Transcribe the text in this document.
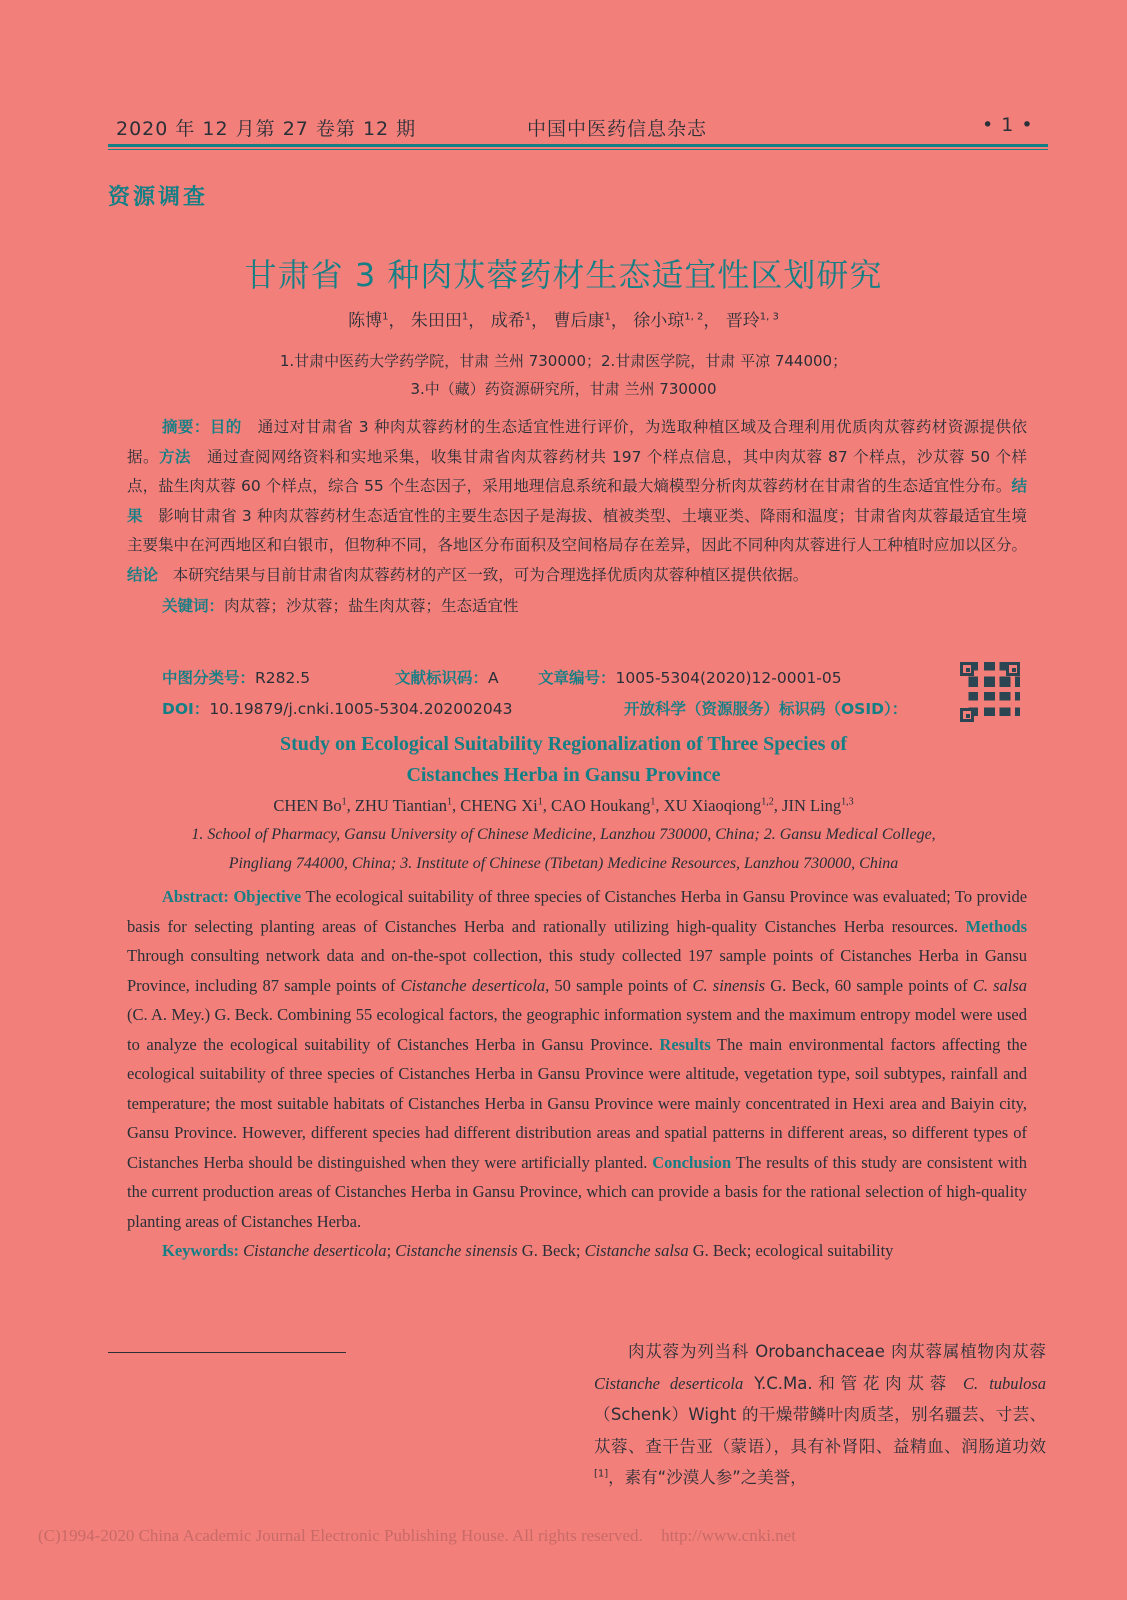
2020 年 12 月第 27 卷第 12 期	中国中医药信息杂志	• 1 •
资源调查
甘肃省 3 种肉苁蓉药材生态适宜性区划研究
陈博$^1$， 朱田田$^1$， 成希$^1$， 曹后康$^1$， 徐小琼$^{1, 2}$， 晋玲$^{1, 3}$
1.甘肃中医药大学药学院，甘肃 兰州 730000；2.甘肃医学院，甘肃 平凉 744000；
3.中（藏）药资源研究所，甘肃 兰州 730000

摘要：目的 通过对甘肃省 3 种肉苁蓉药材的生态适宜性进行评价，为选取种植区域及合理利用优质肉苁蓉药材资源提供依据。方法 通过查阅网络资料和实地采集，收集甘肃省肉苁蓉药材共 197 个样点信息，其中肉苁蓉 87 个样点，沙苁蓉 50 个样点，盐生肉苁蓉 60 个样点，综合 55 个生态因子，采用地理信息系统和最大熵模型分析肉苁蓉药材在甘肃省的生态适宜性分布。结果 影响甘肃省 3 种肉苁蓉药材生态适宜性的主要生态因子是海拔、植被类型、土壤亚类、降雨和温度；甘肃省肉苁蓉最适宜生境主要集中在河西地区和白银市，但物种不同，各地区分布面积及空间格局存在差异，因此不同种肉苁蓉进行人工种植时应加以区分。结论 本研究结果与目前甘肃省肉苁蓉药材的产区一致，可为合理选择优质肉苁蓉种植区提供依据。

关键词：肉苁蓉；沙苁蓉；盐生肉苁蓉；生态适宜性

中图分类号：R282.5	文献标识码：A	文章编号：1005-5304(2020)12-0001-05
DOI：10.19879/j.cnki.1005-5304.202002043	开放科学（资源服务）标识码（OSID）：
Study on Ecological Suitability Regionalization of Three Species of
Cistanches Herba in Gansu Province
CHEN Bo$^1$, ZHU Tiantian$^1$, CHENG Xi$^1$, CAO Houkang$^1$, XU Xiaoqiong$^{1,2}$, JIN Ling$^{1,3}$
1. School of Pharmacy, Gansu University of Chinese Medicine, Lanzhou 730000, China; 2. Gansu Medical College,
Pingliang 744000, China; 3. Institute of Chinese (Tibetan) Medicine Resources, Lanzhou 730000, China

Abstract: Objective The ecological suitability of three species of Cistanches Herba in Gansu Province was evaluated; To provide basis for selecting planting areas of Cistanches Herba and rationally utilizing high-quality Cistanches Herba resources. Methods Through consulting network data and on-the-spot collection, this study collected 197 sample points of Cistanches Herba in Gansu Province, including 87 sample points of Cistanche deserticola, 50 sample points of C. sinensis G. Beck, 60 sample points of C. salsa (C. A. Mey.) G. Beck. Combining 55 ecological factors, the geographic information system and the maximum entropy model were used to analyze the ecological suitability of Cistanches Herba in Gansu Province. Results The main environmental factors affecting the ecological suitability of three species of Cistanches Herba in Gansu Province were altitude, vegetation type, soil subtypes, rainfall and temperature; the most suitable habitats of Cistanches Herba in Gansu Province were mainly concentrated in Hexi area and Baiyin city, Gansu Province. However, different species had different distribution areas and spatial patterns in different areas, so different types of Cistanches Herba should be distinguished when they were artificially planted. Conclusion The results of this study are consistent with the current production areas of Cistanches Herba in Gansu Province, which can provide a basis for the rational selection of high-quality planting areas of Cistanches Herba.

Keywords: Cistanche deserticola; Cistanche sinensis G. Beck; Cistanche salsa G. Beck; ecological suitability

肉苁蓉为列当科 Orobanchaceae 肉苁蓉属植物肉苁蓉 Cistanche deserticola Y.C.Ma.和管花肉苁蓉 C. tubulosa（Schenk）Wight 的干燥带鳞叶肉质茎，别名疆芸、寸芸、苁蓉、查干告亚（蒙语），具有补肾阳、益精血、润肠道功效[1]，素有“沙漠人参”之美誉，

(C)1994-2020 China Academic Journal Electronic Publishing House. All rights reserved. http://www.cnki.net
